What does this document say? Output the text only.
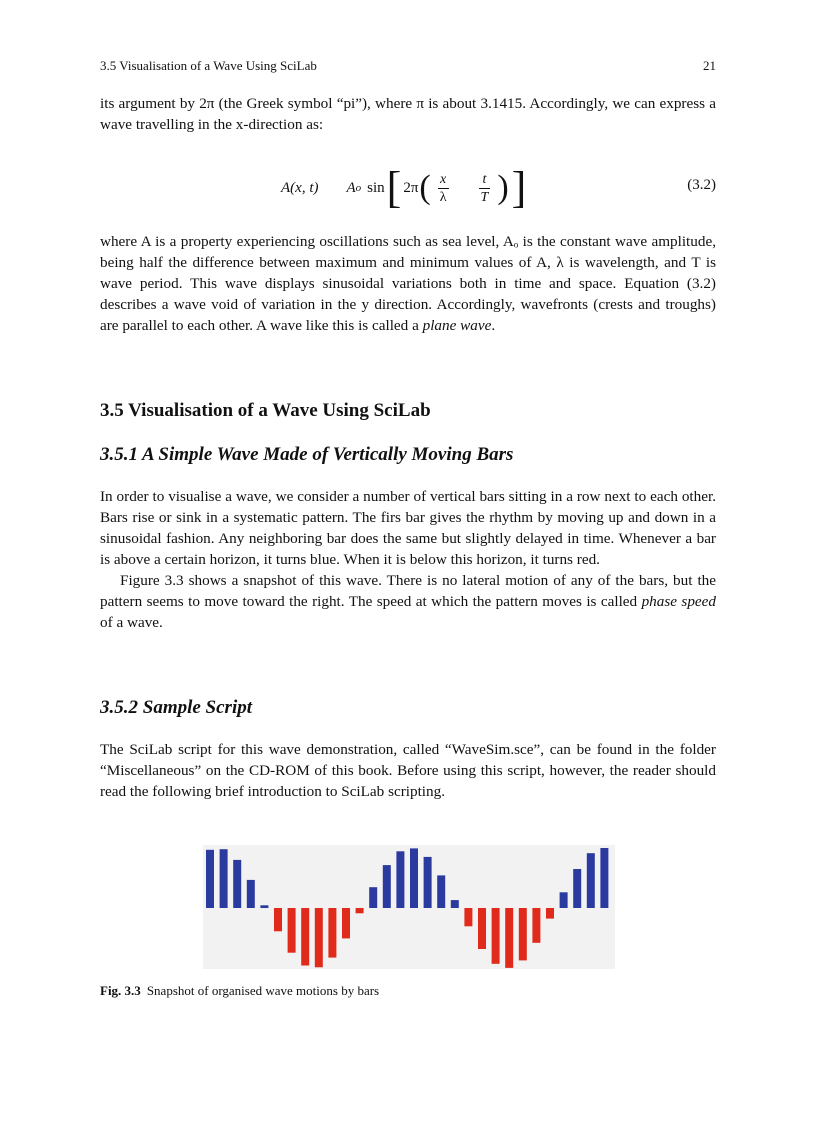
3.5 Visualisation of a Wave Using SciLab	21

its argument by 2π (the Greek symbol “pi”), where π is about 3.1415. Accordingly, we can express a wave travelling in the x-direction as:

A(x, t) A o sin [ 2π ( $\frac{x}{\lambda} \frac{t}{T}$ ) ]	(3.2)

where A is a property experiencing oscillations such as sea level, Aₒ is the constant wave amplitude, being half the difference between maximum and minimum values of A, λ is wavelength, and T is wave period. This wave displays sinusoidal variations both in time and space. Equation (3.2) describes a wave void of variation in the y direction. Accordingly, wavefronts (crests and troughs) are parallel to each other. A wave like this is called a plane wave.

3.5 Visualisation of a Wave Using SciLab
3.5.1 A Simple Wave Made of Vertically Moving Bars

In order to visualise a wave, we consider a number of vertical bars sitting in a row next to each other. Bars rise or sink in a systematic pattern. The firs bar gives the rhythm by moving up and down in a sinusoidal fashion. Any neighboring bar does the same but slightly delayed in time. Whenever a bar is above a certain horizon, it turns blue. When it is below this horizon, it turns red.

Figure 3.3 shows a snapshot of this wave. There is no lateral motion of any of the bars, but the pattern seems to move toward the right. The speed at which the pattern moves is called phase speed of a wave.

3.5.2 Sample Script

The SciLab script for this wave demonstration, called “WaveSim.sce”, can be found in the folder “Miscellaneous” on the CD-ROM of this book. Before using this script, however, the reader should read the following brief introduction to SciLab scripting.

Fig. 3.3 Snapshot of organised wave motions by bars
